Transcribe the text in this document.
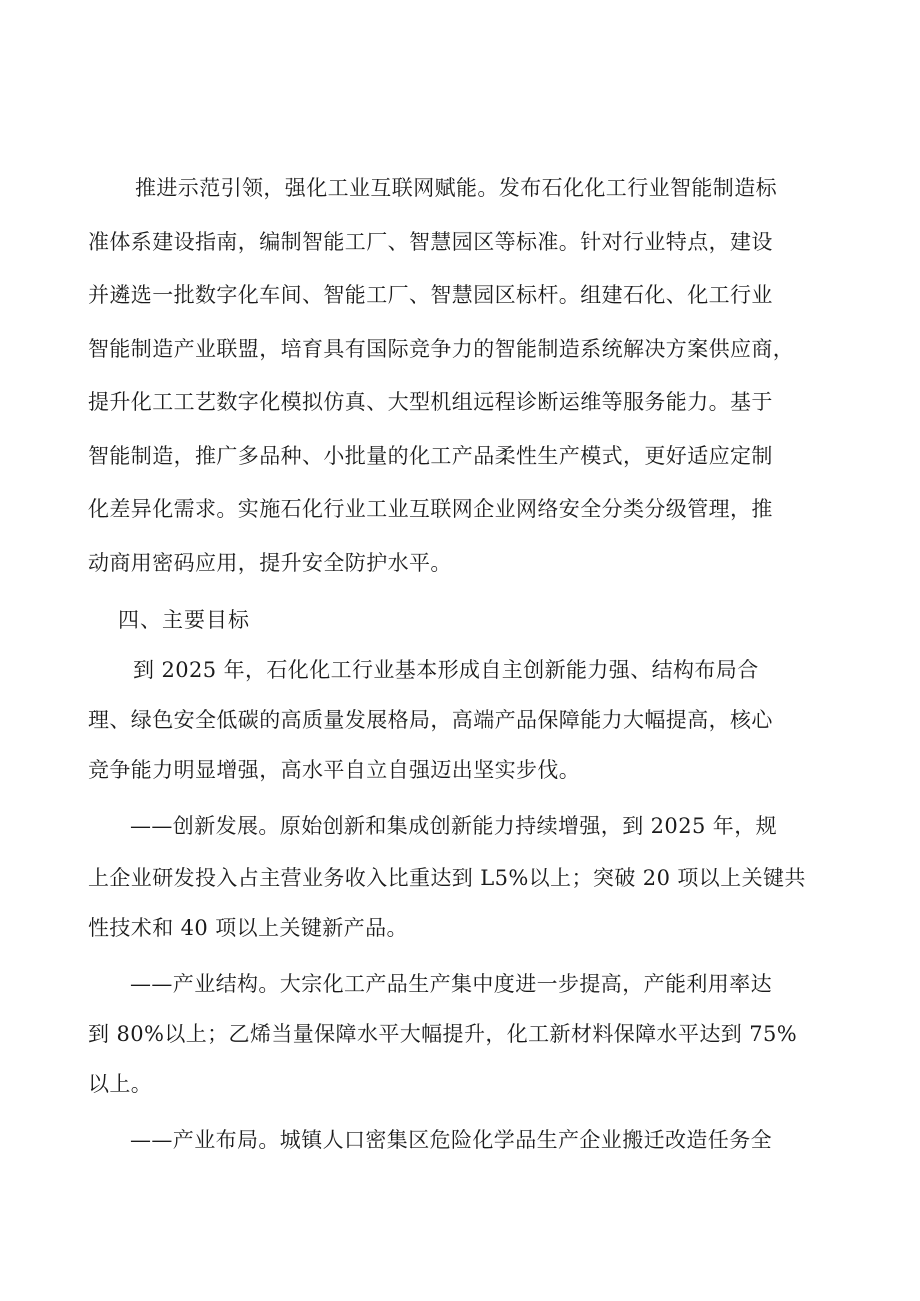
推进示范引领，强化工业互联网赋能。发布石化化工行业智能制造标
准体系建设指南，编制智能工厂、智慧园区等标准。针对行业特点，建设
并遴选一批数字化车间、智能工厂、智慧园区标杆。组建石化、化工行业
智能制造产业联盟，培育具有国际竞争力的智能制造系统解决方案供应商，
提升化工工艺数字化模拟仿真、大型机组远程诊断运维等服务能力。基于
智能制造，推广多品种、小批量的化工产品柔性生产模式，更好适应定制
化差异化需求。实施石化行业工业互联网企业网络安全分类分级管理，推
动商用密码应用，提升安全防护水平。
四、主要目标
到 2025 年，石化化工行业基本形成自主创新能力强、结构布局合
理、绿色安全低碳的高质量发展格局，高端产品保障能力大幅提高，核心
竞争能力明显增强，高水平自立自强迈出坚实步伐。
——创新发展。原始创新和集成创新能力持续增强，到 2025 年，规
上企业研发投入占主营业务收入比重达到 L5%以上；突破 20 项以上关键共
性技术和 40 项以上关键新产品。
——产业结构。大宗化工产品生产集中度进一步提高，产能利用率达
到 80%以上；乙烯当量保障水平大幅提升，化工新材料保障水平达到 75%
以上。
——产业布局。城镇人口密集区危险化学品生产企业搬迁改造任务全
